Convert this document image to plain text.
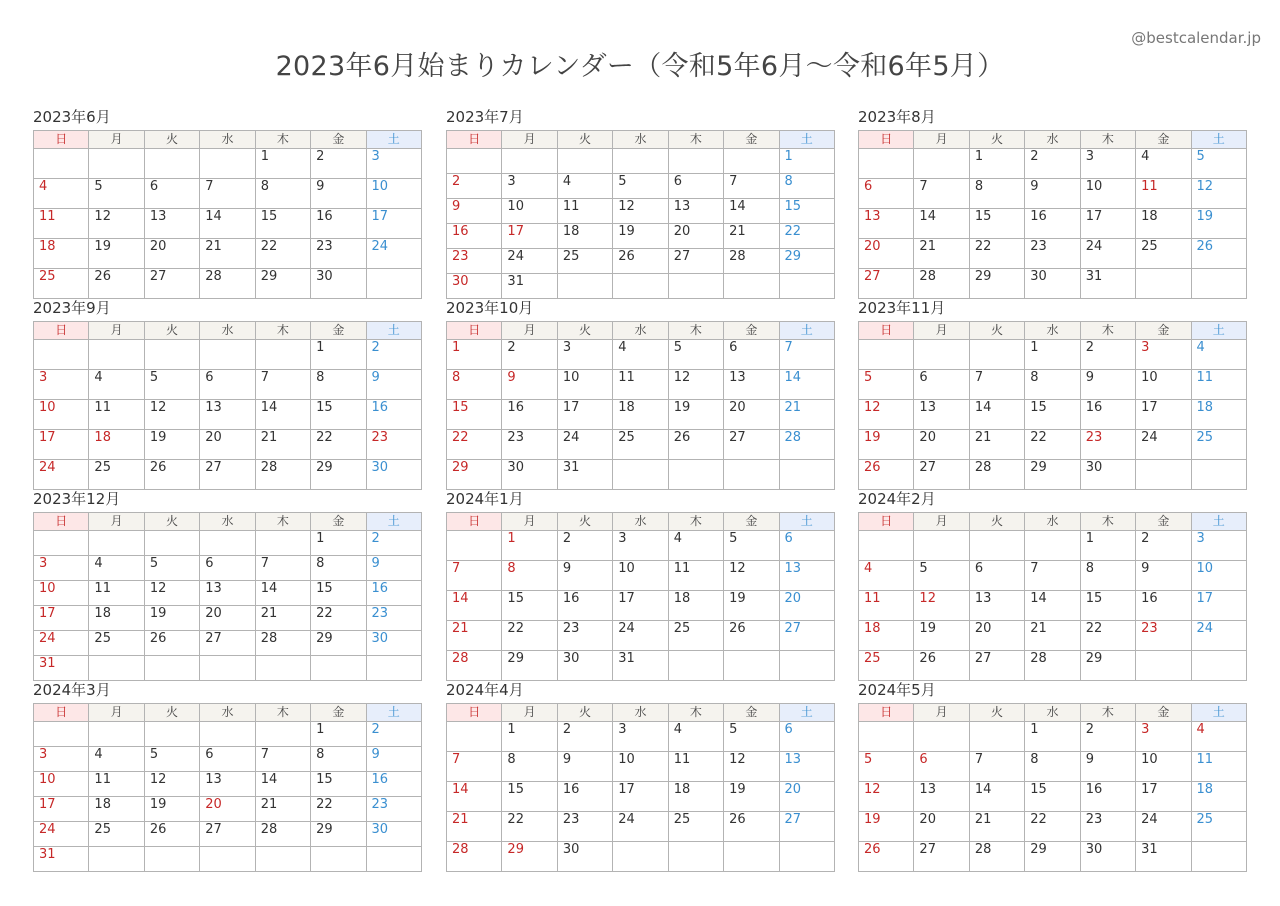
2023年6月始まりカレンダー（令和5年6月〜令和6年5月）
@bestcalendar.jp
2023年6月
日	月	火	水	木	金	土
				1	2	3
4	5	6	7	8	9	10
11	12	13	14	15	16	17
18	19	20	21	22	23	24
25	26	27	28	29	30	
2023年7月
日	月	火	水	木	金	土
						1
2	3	4	5	6	7	8
9	10	11	12	13	14	15
16	17	18	19	20	21	22
23	24	25	26	27	28	29
30	31					
2023年8月
日	月	火	水	木	金	土
		1	2	3	4	5
6	7	8	9	10	11	12
13	14	15	16	17	18	19
20	21	22	23	24	25	26
27	28	29	30	31		
2023年9月
日	月	火	水	木	金	土
					1	2
3	4	5	6	7	8	9
10	11	12	13	14	15	16
17	18	19	20	21	22	23
24	25	26	27	28	29	30
2023年10月
日	月	火	水	木	金	土
1	2	3	4	5	6	7
8	9	10	11	12	13	14
15	16	17	18	19	20	21
22	23	24	25	26	27	28
29	30	31				
2023年11月
日	月	火	水	木	金	土
			1	2	3	4
5	6	7	8	9	10	11
12	13	14	15	16	17	18
19	20	21	22	23	24	25
26	27	28	29	30		
2023年12月
日	月	火	水	木	金	土
					1	2
3	4	5	6	7	8	9
10	11	12	13	14	15	16
17	18	19	20	21	22	23
24	25	26	27	28	29	30
31						
2024年1月
日	月	火	水	木	金	土
	1	2	3	4	5	6
7	8	9	10	11	12	13
14	15	16	17	18	19	20
21	22	23	24	25	26	27
28	29	30	31			
2024年2月
日	月	火	水	木	金	土
				1	2	3
4	5	6	7	8	9	10
11	12	13	14	15	16	17
18	19	20	21	22	23	24
25	26	27	28	29		
2024年3月
日	月	火	水	木	金	土
					1	2
3	4	5	6	7	8	9
10	11	12	13	14	15	16
17	18	19	20	21	22	23
24	25	26	27	28	29	30
31						
2024年4月
日	月	火	水	木	金	土
	1	2	3	4	5	6
7	8	9	10	11	12	13
14	15	16	17	18	19	20
21	22	23	24	25	26	27
28	29	30				
2024年5月
日	月	火	水	木	金	土
			1	2	3	4
5	6	7	8	9	10	11
12	13	14	15	16	17	18
19	20	21	22	23	24	25
26	27	28	29	30	31	
